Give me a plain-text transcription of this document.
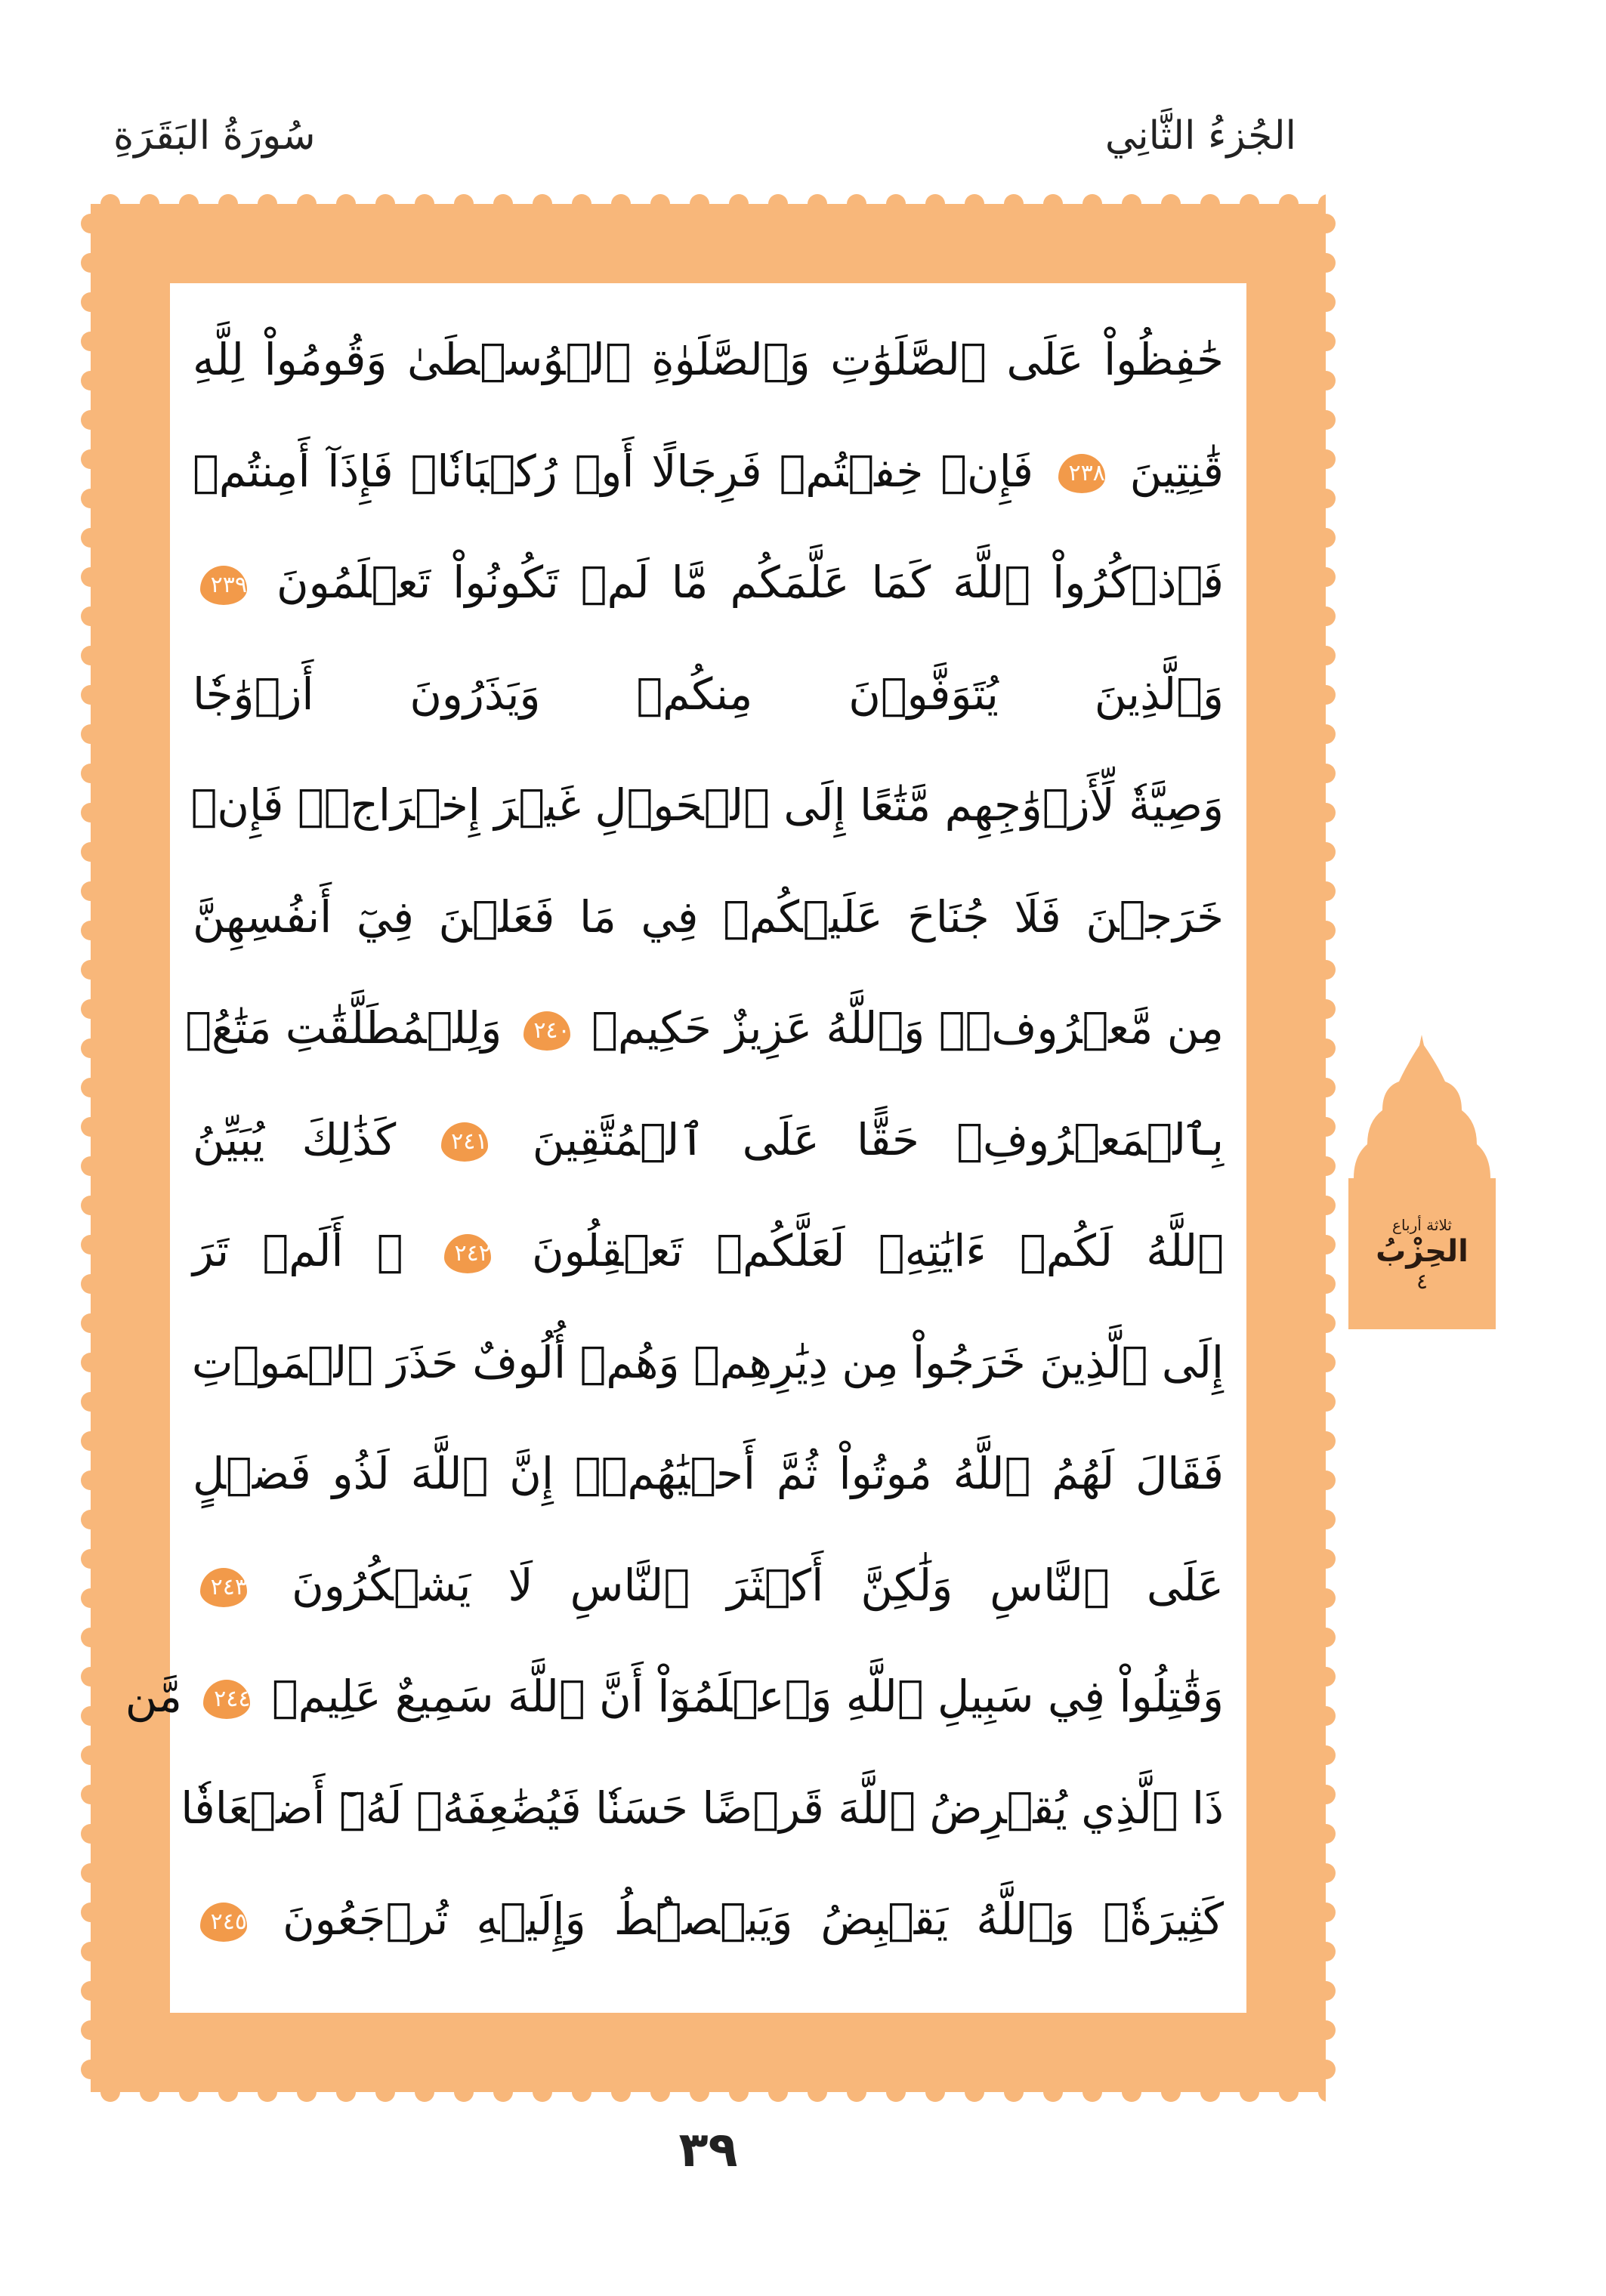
الجُزءُ الثَّانِي
سُورَةُ البَقَرَةِ
حَٰفِظُواْ عَلَى ٱلصَّلَوَٰتِ وَٱلصَّلَوٰةِ ٱلۡوُسۡطَىٰ وَقُومُواْ لِلَّهِ
قَٰنِتِينَ ٢٣٨ فَإِنۡ خِفۡتُمۡ فَرِجَالًا أَوۡ رُكۡبَانٗاۖ فَإِذَآ أَمِنتُمۡ
فَٱذۡكُرُواْ ٱللَّهَ كَمَا عَلَّمَكُم مَّا لَمۡ تَكُونُواْ تَعۡلَمُونَ ٢٣٩
وَٱلَّذِينَ يُتَوَفَّوۡنَ مِنكُمۡ وَيَذَرُونَ أَزۡوَٰجٗا
وَصِيَّةٗ لِّأَزۡوَٰجِهِم مَّتَٰعًا إِلَى ٱلۡحَوۡلِ غَيۡرَ إِخۡرَاجٖۚ فَإِنۡ
خَرَجۡنَ فَلَا جُنَاحَ عَلَيۡكُمۡ فِي مَا فَعَلۡنَ فِيٓ أَنفُسِهِنَّ
مِن مَّعۡرُوفٖۗ وَٱللَّهُ عَزِيزٌ حَكِيمٞ ٢٤٠ وَلِلۡمُطَلَّقَٰتِ مَتَٰعُۢ
بِٱلۡمَعۡرُوفِۖ حَقًّا عَلَى ٱلۡمُتَّقِينَ ٢٤١ كَذَٰلِكَ يُبَيِّنُ
ٱللَّهُ لَكُمۡ ءَايَٰتِهِۦ لَعَلَّكُمۡ تَعۡقِلُونَ ٢٤٢ ۞ أَلَمۡ تَرَ
إِلَى ٱلَّذِينَ خَرَجُواْ مِن دِيَٰرِهِمۡ وَهُمۡ أُلُوفٌ حَذَرَ ٱلۡمَوۡتِ
فَقَالَ لَهُمُ ٱللَّهُ مُوتُواْ ثُمَّ أَحۡيَٰهُمۡۚ إِنَّ ٱللَّهَ لَذُو فَضۡلٍ
عَلَى ٱلنَّاسِ وَلَٰكِنَّ أَكۡثَرَ ٱلنَّاسِ لَا يَشۡكُرُونَ ٢٤٣
وَقَٰتِلُواْ فِي سَبِيلِ ٱللَّهِ وَٱعۡلَمُوٓاْ أَنَّ ٱللَّهَ سَمِيعٌ عَلِيمٞ ٢٤٤ مَّن
ذَا ٱلَّذِي يُقۡرِضُ ٱللَّهَ قَرۡضًا حَسَنٗا فَيُضَٰعِفَهُۥ لَهُۥٓ أَضۡعَافٗا
كَثِيرَةٗۚ وَٱللَّهُ يَقۡبِضُ وَيَبۡصُۜطُ وَإِلَيۡهِ تُرۡجَعُونَ ٢٤٥
٣٩
ثلاثة أرباع
الحِزْبُ
٤
